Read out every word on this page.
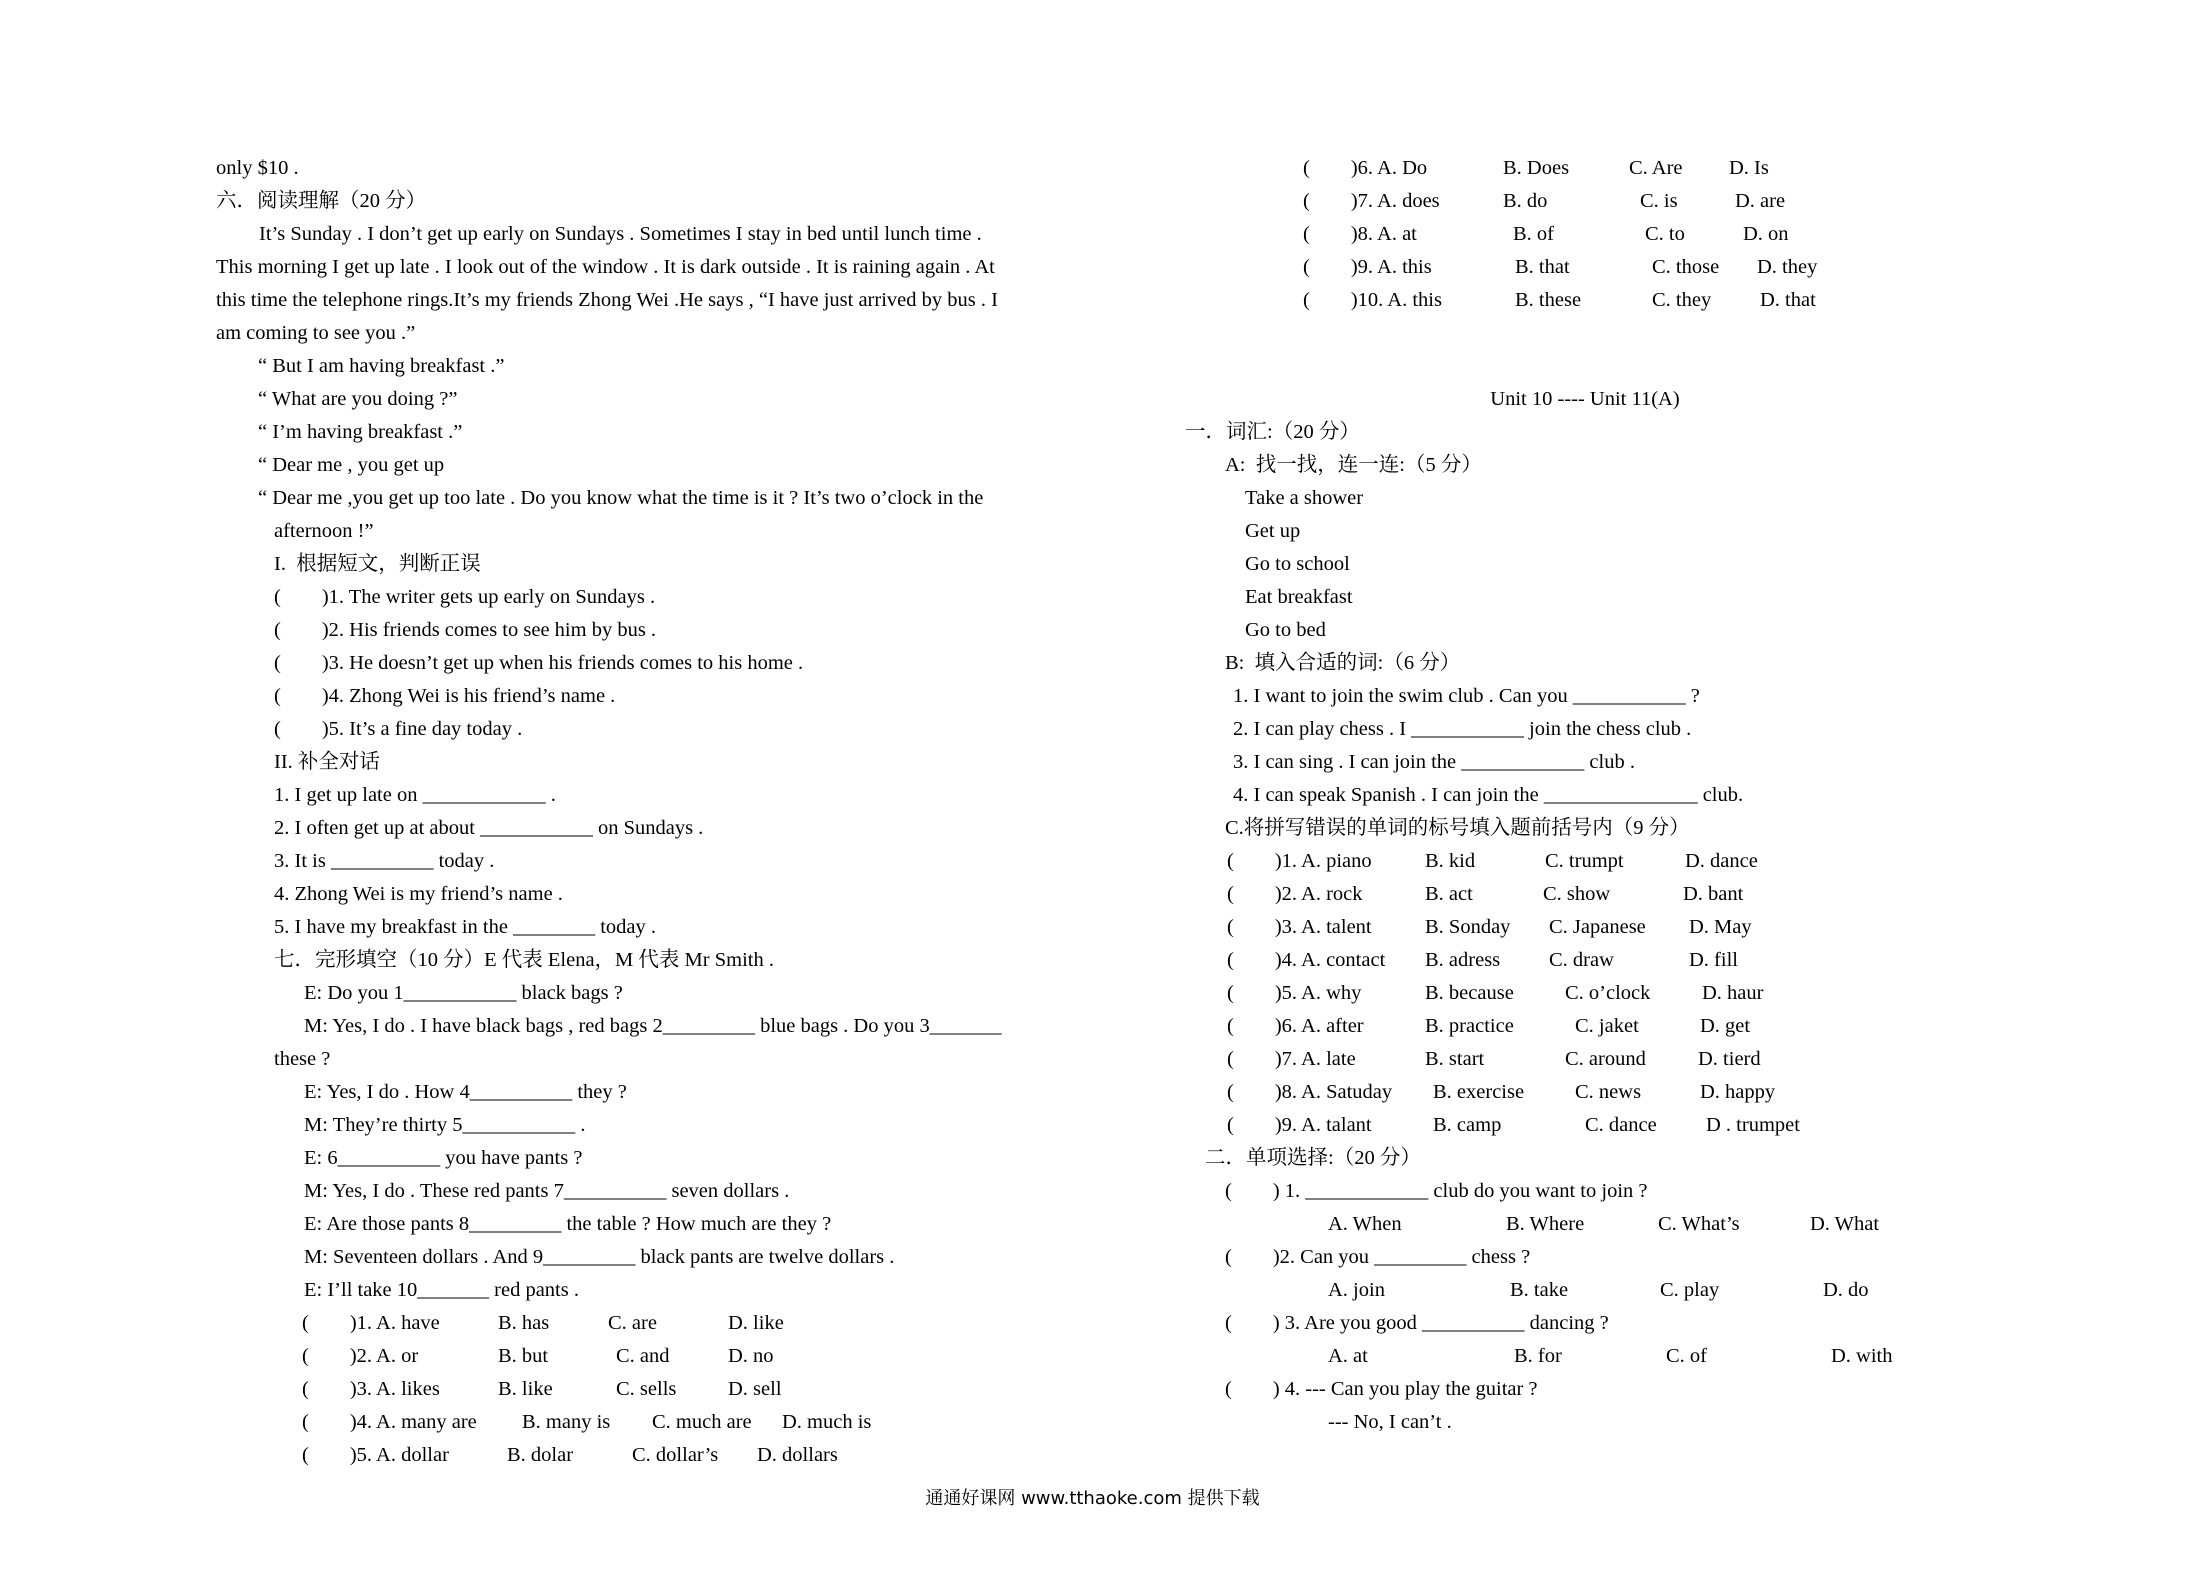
only $10 .
六．阅读理解（20 分）
It’s Sunday . I don’t get up early on Sundays . Sometimes I stay in bed until lunch time .
This morning I get up late . I look out of the window . It is dark outside . It is raining again . At
this time the telephone rings.It’s my friends Zhong Wei .He says , “I have just arrived by bus . I
am coming to see you .”
“ But I am having breakfast .”
“ What are you doing ?”
“ I’m having breakfast .”
“ Dear me , you get up
“ Dear me ,you get up too late . Do you know what the time is it ? It’s two o’clock in the
afternoon !”
I.  根据短文，判断正误
(        )1. The writer gets up early on Sundays .
(        )2. His friends comes to see him by bus .
(        )3. He doesn’t get up when his friends comes to his home .
(        )4. Zhong Wei is his friend’s name .
(        )5. It’s a fine day today .
II. 补全对话
1. I get up late on ____________ .
2. I often get up at about ___________ on Sundays .
3. It is __________ today .
4. Zhong Wei is my friend’s name .
5. I have my breakfast in the ________ today .
七．完形填空（10 分）E 代表 Elena，M 代表 Mr Smith .
E: Do you 1___________ black bags ?
M: Yes, I do . I have black bags , red bags 2_________ blue bags . Do you 3_______
these ?
E: Yes, I do . How 4__________ they ?
M: They’re thirty 5___________ .
E: 6__________ you have pants ?
M: Yes, I do . These red pants 7__________ seven dollars .
E: Are those pants 8_________ the table ? How much are they ?
M: Seventeen dollars . And 9_________ black pants are twelve dollars .
E: I’ll take 10_______ red pants .
(        )1. A. have	B. has	C. are	D. like
(        )2. A. or	B. but	C. and	D. no
(        )3. A. likes	B. like	C. sells	D. sell
(        )4. A. many are	B. many is	C. much are	D. much is
(        )5. A. dollar	B. dolar	C. dollar’s	D. dollars
(        )6. A. Do	B. Does	C. Are	D. Is
(        )7. A. does	B. do	C. is	D. are
(        )8. A. at	B. of	C. to	D. on
(        )9. A. this	B. that	C. those	D. they
(        )10. A. this	B. these	C. they	D. that
Unit 10 ---- Unit 11(A)
一．词汇:（20 分）
A:  找一找，连一连:（5 分）
Take a shower
Get up
Go to school
Eat breakfast
Go to bed
B:  填入合适的词:（6 分）
1. I want to join the swim club . Can you ___________ ?
2. I can play chess . I ___________ join the chess club .
3. I can sing . I can join the ____________ club .
4. I can speak Spanish . I can join the _______________ club.
C.将拼写错误的单词的标号填入题前括号内（9 分）
(        )1. A. piano	B. kid	C. trumpt	D. dance
(        )2. A. rock	B. act	C. show	D. bant
(        )3. A. talent	B. Sonday	C. Japanese	D. May
(        )4. A. contact	B. adress	C. draw	D. fill
(        )5. A. why	B. because	C. o’clock	D. haur
(        )6. A. after	B. practice	C. jaket	D. get
(        )7. A. late	B. start	C. around	D. tierd
(        )8. A. Satuday	B. exercise	C. news	D. happy
(        )9. A. talant	B. camp	C. dance	D . trumpet
二．单项选择:（20 分）
(        ) 1. ____________ club do you want to join ?
A. When	B. Where	C. What’s	D. What
(        )2. Can you _________ chess ?
A. join	B. take	C. play	D. do
(        ) 3. Are you good __________ dancing ?
A. at	B. for	C. of	D. with
(        ) 4. --- Can you play the guitar ?
--- No, I can’t .
通通好课网 www.tthaoke.com 提供下载
